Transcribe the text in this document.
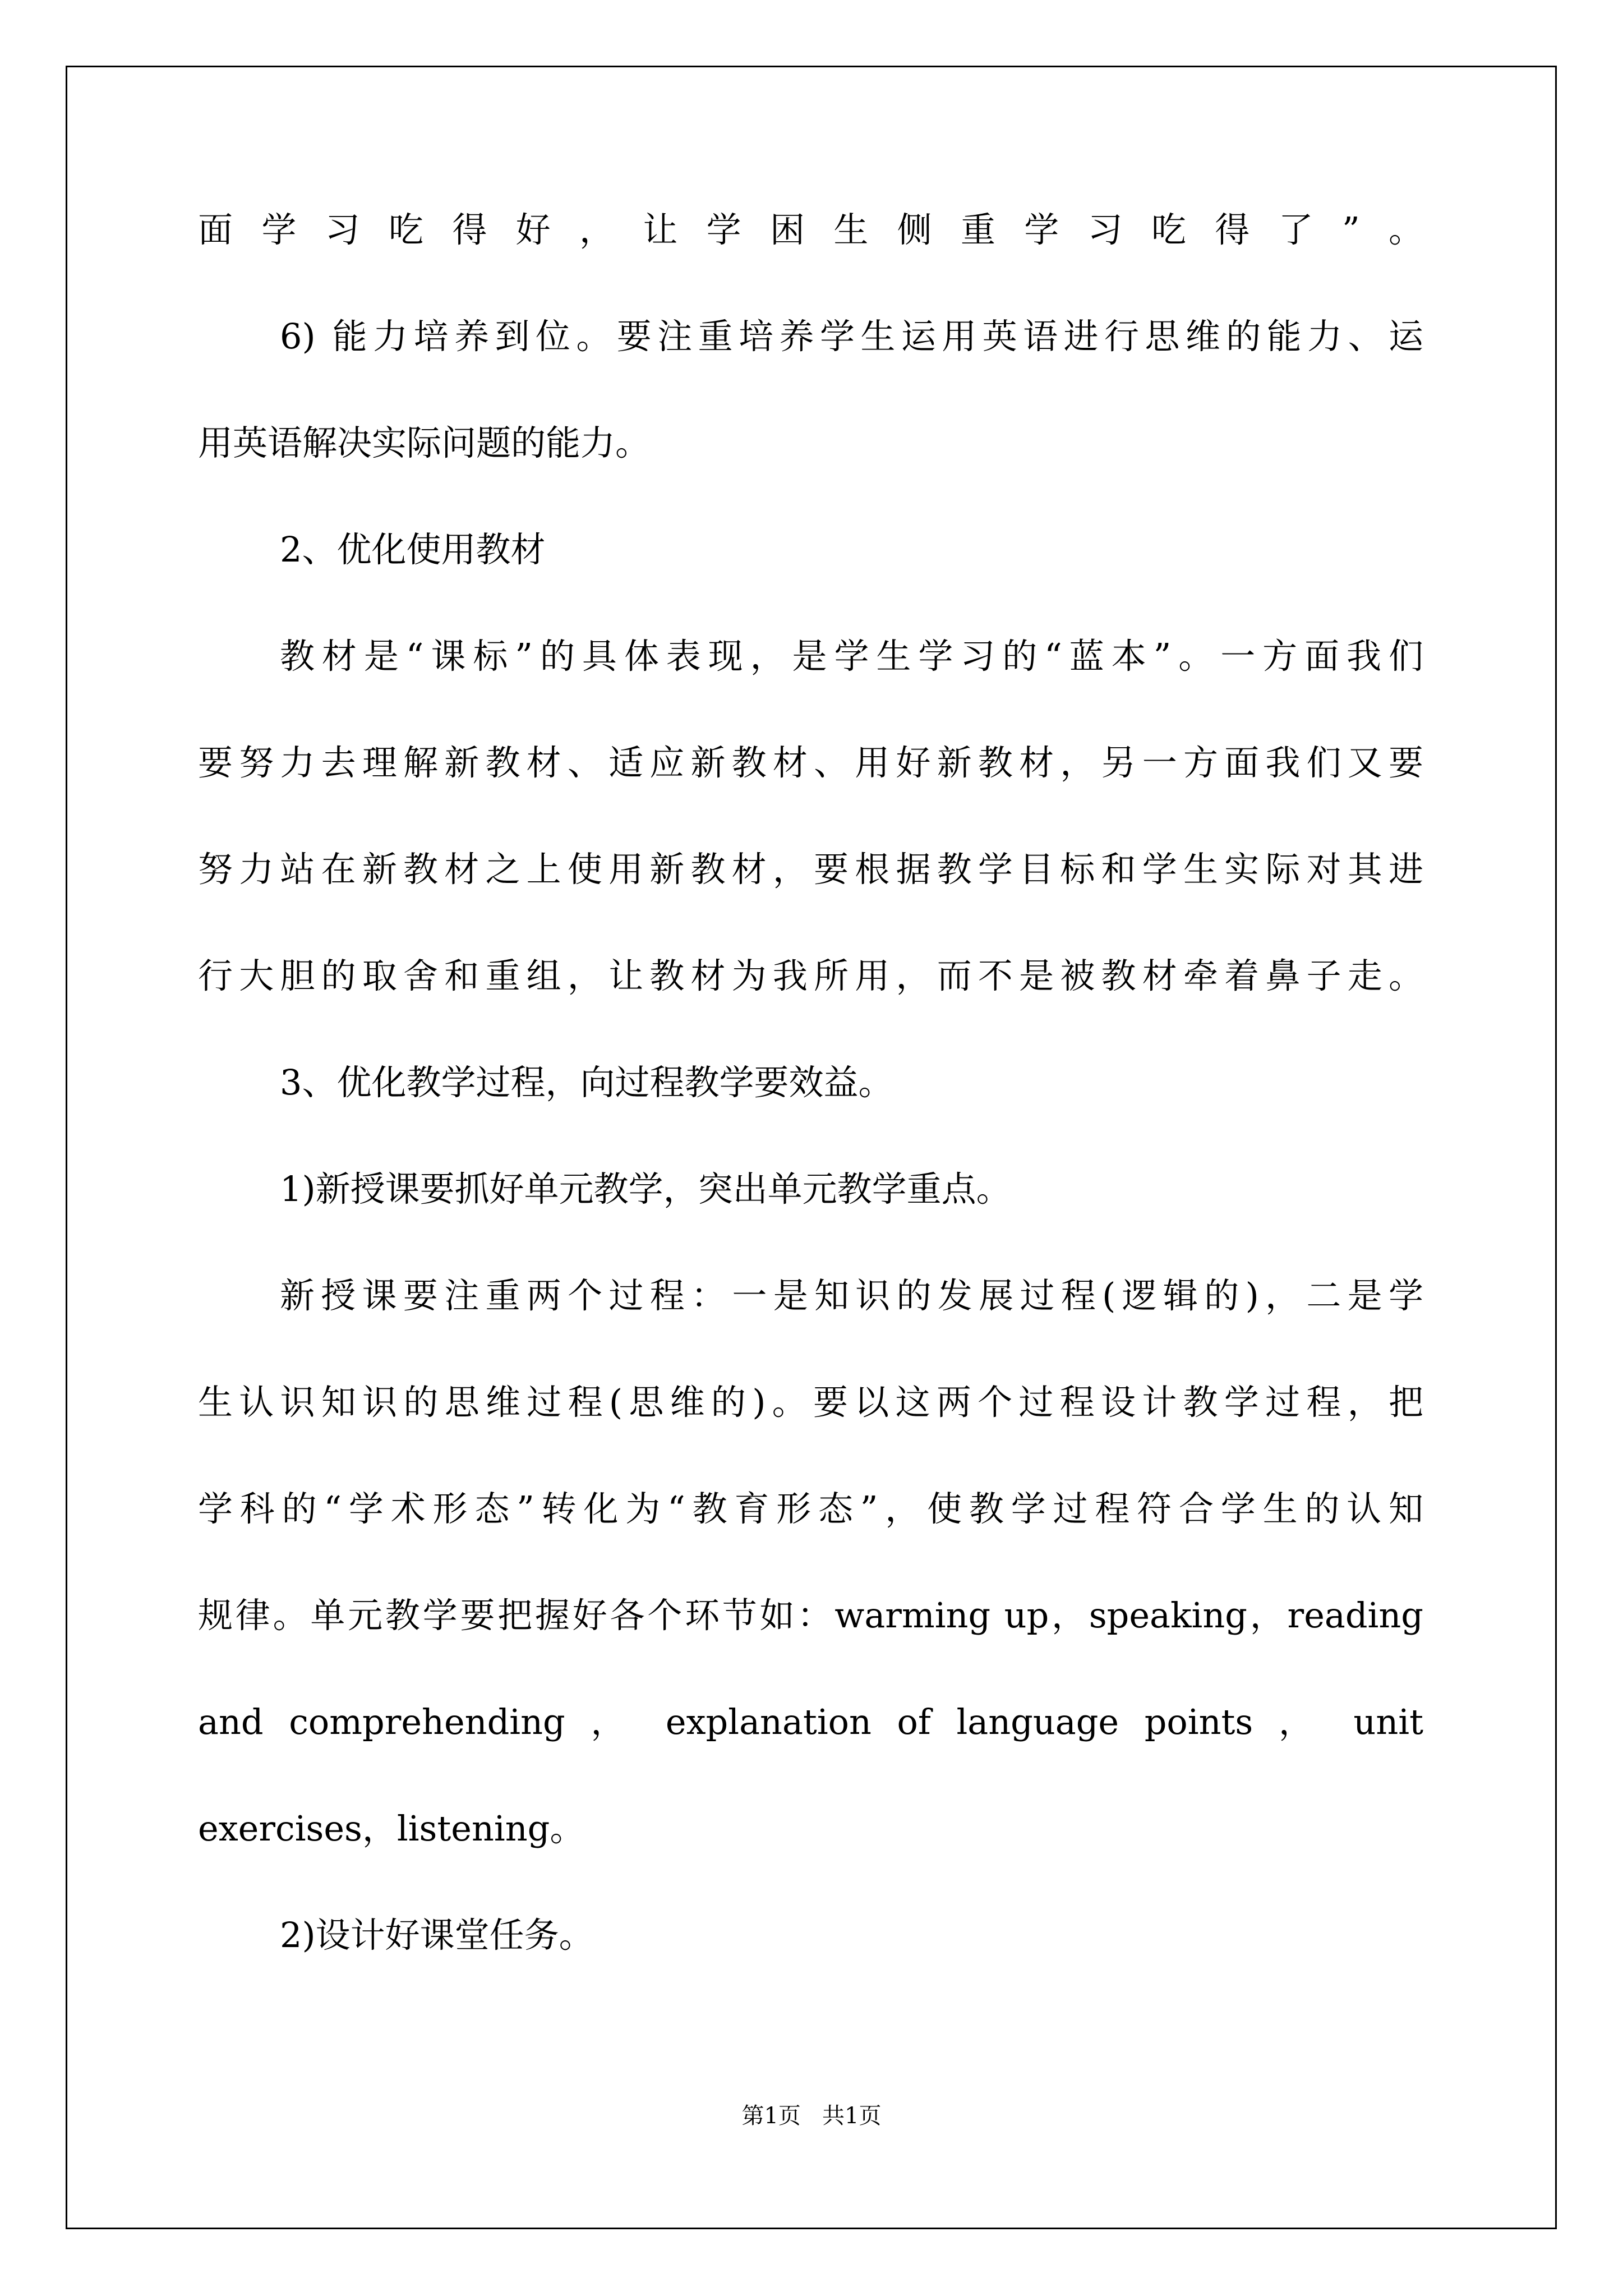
面学习吃得好，让学困生侧重学习吃得了”。
6) 能力培养到位。要注重培养学生运用英语进行思维的能力、运
用英语解决实际问题的能力。
2、优化使用教材
教材是“课标”的具体表现，是学生学习的“蓝本”。一方面我们
要努力去理解新教材、适应新教材、用好新教材，另一方面我们又要
努力站在新教材之上使用新教材，要根据教学目标和学生实际对其进
行大胆的取舍和重组，让教材为我所用，而不是被教材牵着鼻子走。
3、优化教学过程，向过程教学要效益。
1)新授课要抓好单元教学，突出单元教学重点。
新授课要注重两个过程：一是知识的发展过程(逻辑的)，二是学
生认识知识的思维过程(思维的)。要以这两个过程设计教学过程，把
学科的“学术形态”转化为“教育形态”，使教学过程符合学生的认知
规律。单元教学要把握好各个环节如：warming up，speaking，reading
and comprehending ， explanation of language points ， unit
exercises，listening。
2)设计好课堂任务。
第1页   共1页
